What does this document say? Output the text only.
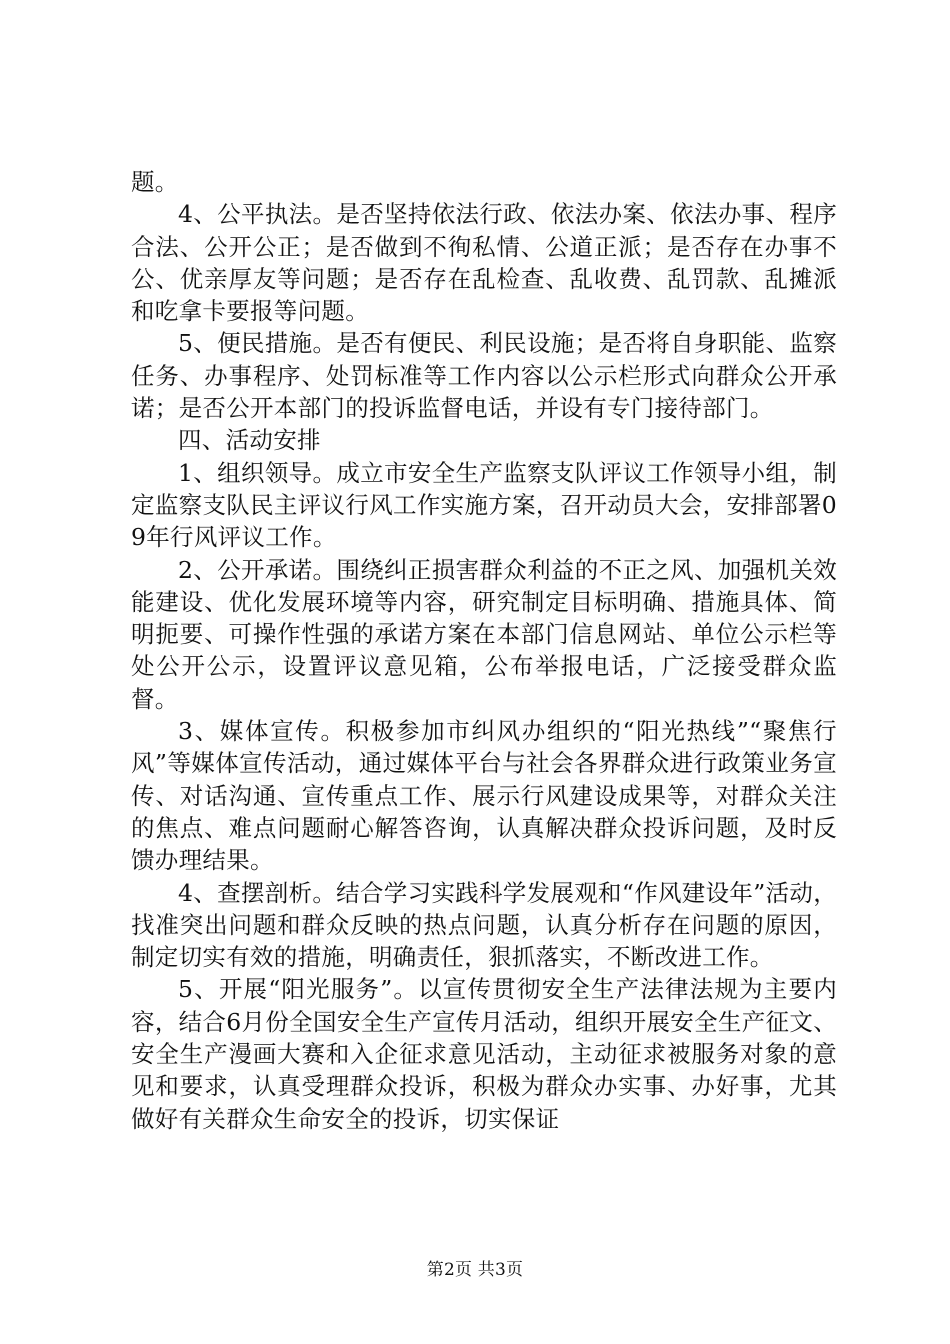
题。

4、公平执法。是否坚持依法行政、依法办案、依法办事、程序合法、公开公正；是否做到不徇私情、公道正派；是否存在办事不公、优亲厚友等问题；是否存在乱检查、乱收费、乱罚款、乱摊派和吃拿卡要报等问题。

5、便民措施。是否有便民、利民设施；是否将自身职能、监察任务、办事程序、处罚标准等工作内容以公示栏形式向群众公开承诺；是否公开本部门的投诉监督电话，并设有专门接待部门。

四、活动安排

1、组织领导。成立市安全生产监察支队评议工作领导小组，制定监察支队民主评议行风工作实施方案，召开动员大会，安排部署09年行风评议工作。

2、公开承诺。围绕纠正损害群众利益的不正之风、加强机关效能建设、优化发展环境等内容，研究制定目标明确、措施具体、简明扼要、可操作性强的承诺方案在本部门信息网站、单位公示栏等处公开公示，设置评议意见箱，公布举报电话，广泛接受群众监督。

3、媒体宣传。积极参加市纠风办组织的“阳光热线”“聚焦行风”等媒体宣传活动，通过媒体平台与社会各界群众进行政策业务宣传、对话沟通、宣传重点工作、展示行风建设成果等，对群众关注的焦点、难点问题耐心解答咨询，认真解决群众投诉问题，及时反馈办理结果。

4、查摆剖析。结合学习实践科学发展观和“作风建设年”活动，找准突出问题和群众反映的热点问题，认真分析存在问题的原因，制定切实有效的措施，明确责任，狠抓落实，不断改进工作。

5、开展“阳光服务”。以宣传贯彻安全生产法律法规为主要内容，结合6月份全国安全生产宣传月活动，组织开展安全生产征文、安全生产漫画大赛和入企征求意见活动，主动征求被服务对象的意见和要求，认真受理群众投诉，积极为群众办实事、办好事，尤其做好有关群众生命安全的投诉，切实保证

第2页 共3页
